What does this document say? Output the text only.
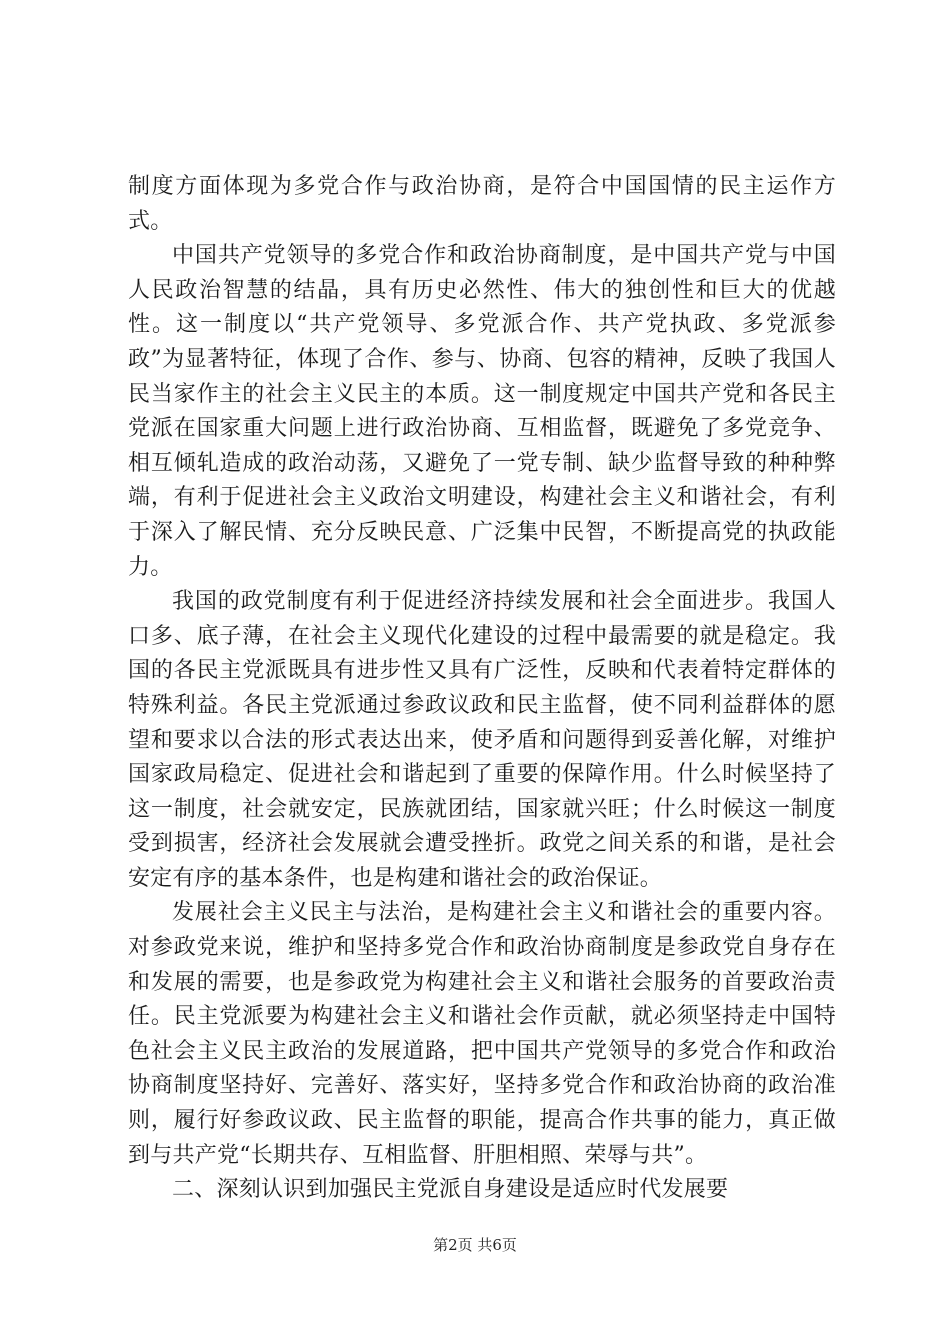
制度方面体现为多党合作与政治协商，是符合中国国情的民主运作方式。

中国共产党领导的多党合作和政治协商制度，是中国共产党与中国人民政治智慧的结晶，具有历史必然性、伟大的独创性和巨大的优越性。这一制度以“共产党领导、多党派合作、共产党执政、多党派参政”为显著特征，体现了合作、参与、协商、包容的精神，反映了我国人民当家作主的社会主义民主的本质。这一制度规定中国共产党和各民主党派在国家重大问题上进行政治协商、互相监督，既避免了多党竞争、相互倾轧造成的政治动荡，又避免了一党专制、缺少监督导致的种种弊端，有利于促进社会主义政治文明建设，构建社会主义和谐社会，有利于深入了解民情、充分反映民意、广泛集中民智，不断提高党的执政能力。

我国的政党制度有利于促进经济持续发展和社会全面进步。我国人口多、底子薄，在社会主义现代化建设的过程中最需要的就是稳定。我国的各民主党派既具有进步性又具有广泛性，反映和代表着特定群体的特殊利益。各民主党派通过参政议政和民主监督，使不同利益群体的愿望和要求以合法的形式表达出来，使矛盾和问题得到妥善化解，对维护国家政局稳定、促进社会和谐起到了重要的保障作用。什么时候坚持了这一制度，社会就安定，民族就团结，国家就兴旺；什么时候这一制度受到损害，经济社会发展就会遭受挫折。政党之间关系的和谐，是社会安定有序的基本条件，也是构建和谐社会的政治保证。

发展社会主义民主与法治，是构建社会主义和谐社会的重要内容。对参政党来说，维护和坚持多党合作和政治协商制度是参政党自身存在和发展的需要，也是参政党为构建社会主义和谐社会服务的首要政治责任。民主党派要为构建社会主义和谐社会作贡献，就必须坚持走中国特色社会主义民主政治的发展道路，把中国共产党领导的多党合作和政治协商制度坚持好、完善好、落实好，坚持多党合作和政治协商的政治准则，履行好参政议政、民主监督的职能，提高合作共事的能力，真正做到与共产党“长期共存、互相监督、肝胆相照、荣辱与共”。

二、深刻认识到加强民主党派自身建设是适应时代发展要

第2页 共6页
